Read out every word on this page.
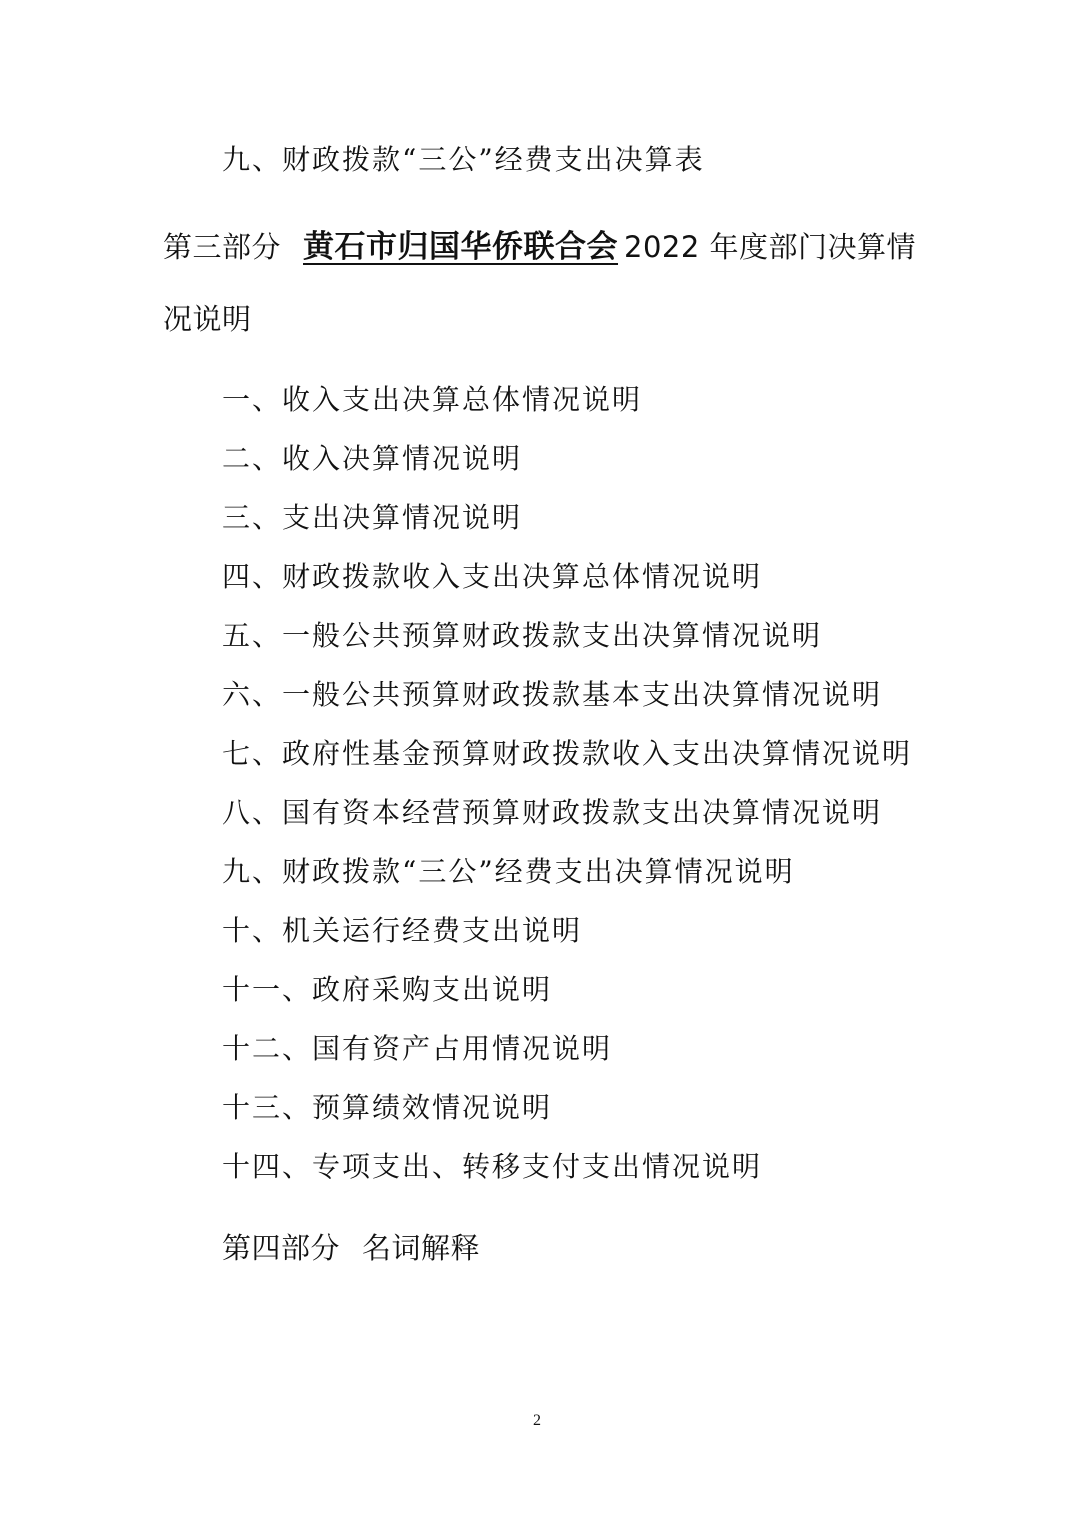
九、财政拨款“三公”经费支出决算表
第三部分 黄石市归国华侨联合会 2022 年度部门决算情
况说明
一、收入支出决算总体情况说明
二、收入决算情况说明
三、支出决算情况说明
四、财政拨款收入支出决算总体情况说明
五、一般公共预算财政拨款支出决算情况说明
六、一般公共预算财政拨款基本支出决算情况说明
七、政府性基金预算财政拨款收入支出决算情况说明
八、国有资本经营预算财政拨款支出决算情况说明
九、财政拨款“三公”经费支出决算情况说明
十、机关运行经费支出说明
十一、政府采购支出说明
十二、国有资产占用情况说明
十三、预算绩效情况说明
十四、专项支出、转移支付支出情况说明
第四部分 名词解释
2
